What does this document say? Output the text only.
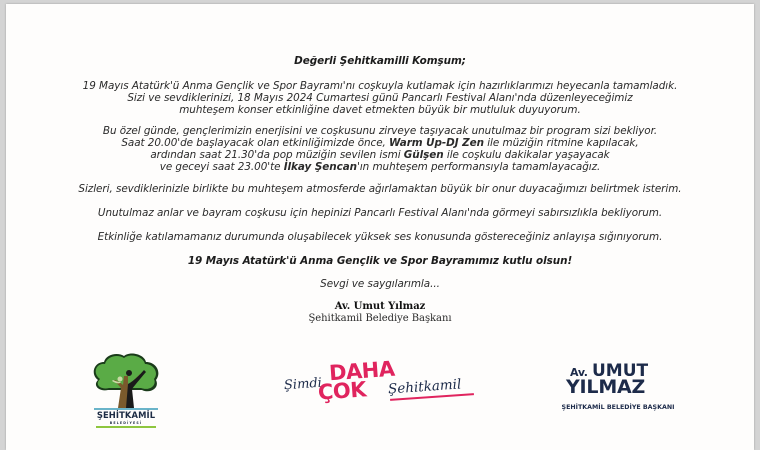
Değerli Şehitkamilli Komşum;
19 Mayıs Atatürk'ü Anma Gençlik ve Spor Bayramı'nı coşkuyla kutlamak için hazırlıklarımızı heyecanla tamamladık.
Sizi ve sevdiklerinizi, 18 Mayıs 2024 Cumartesi günü Pancarlı Festival Alanı'nda düzenleyeceğimiz
muhteşem konser etkinliğine davet etmekten büyük bir mutluluk duyuyorum.
Bu özel günde, gençlerimizin enerjisini ve coşkusunu zirveye taşıyacak unutulmaz bir program sizi bekliyor.
Saat 20.00'de başlayacak olan etkinliğimizde önce, Warm Up-DJ Zen ile müziğin ritmine kapılacak,
ardından saat 21.30'da pop müziğin sevilen ismi Gülşen ile coşkulu dakikalar yaşayacak
ve geceyi saat 23.00'te İlkay Şencan'ın muhteşem performansıyla tamamlayacağız.
Sizleri, sevdiklerinizle birlikte bu muhteşem atmosferde ağırlamaktan büyük bir onur duyacağımızı belirtmek isterim.
Unutulmaz anlar ve bayram coşkusu için hepinizi Pancarlı Festival Alanı'nda görmeyi sabırsızlıkla bekliyorum.
Etkinliğe katılamamanız durumunda oluşabilecek yüksek ses konusunda göstereceğiniz anlayışa sığınıyorum.
19 Mayıs Atatürk'ü Anma Gençlik ve Spor Bayramımız kutlu olsun!
Sevgi ve saygılarımla...
Av. Umut Yılmaz
Şehitkamil Belediye Başkanı
ŞEHİTKAMİL
BELEDİYESİ
Şimdi DAHA
ÇOK Şehitkamil
Av. UMUT
YILMAZ
ŞEHİTKAMİL BELEDİYE BAŞKANI
